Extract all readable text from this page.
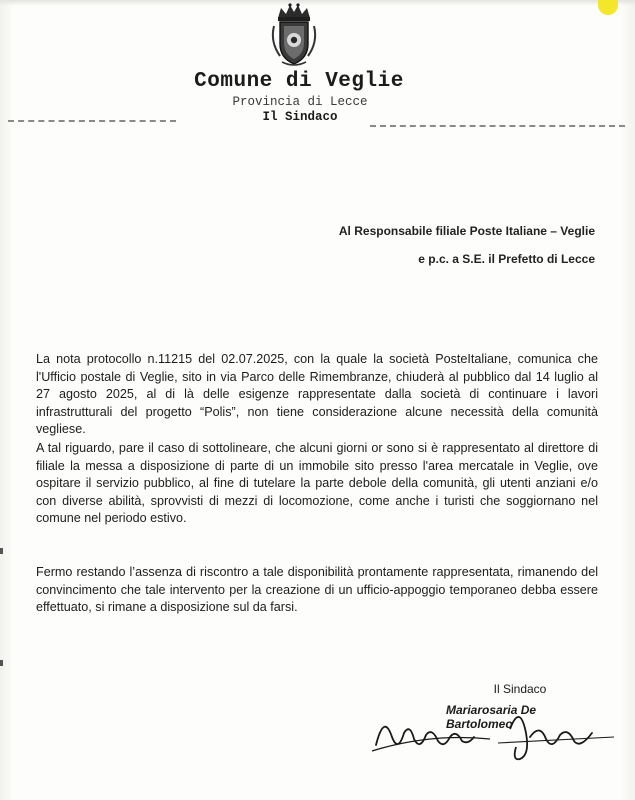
Comune di Veglie
Provincia di Lecce
Il Sindaco
Al Responsabile filiale Poste Italiane – Veglie
e p.c. a S.E. il Prefetto di Lecce

La nota protocollo n.11215 del 02.07.2025, con la quale la società PosteItaliane, comunica che l'Ufficio postale di Veglie, sito in via Parco delle Rimembranze, chiuderà al pubblico dal 14 luglio al 27 agosto 2025, al di là delle esigenze rappresentate dalla società di continuare i lavori infrastrutturali del progetto “Polis”, non tiene considerazione alcune necessità della comunità vegliese.

A tal riguardo, pare il caso di sottolineare, che alcuni giorni or sono si è rappresentato al direttore di filiale la messa a disposizione di parte di un immobile sito presso l'area mercatale in Veglie, ove ospitare il servizio pubblico, al fine di tutelare la parte debole della comunità, gli utenti anziani e/o con diverse abilità, sprovvisti di mezzi di locomozione, come anche i turisti che soggiornano nel comune nel periodo estivo.

Fermo restando l’assenza di riscontro a tale disponibilità prontamente rappresentata, rimanendo del convincimento che tale intervento per la creazione di un ufficio-appoggio temporaneo debba essere effettuato, si rimane a disposizione sul da farsi.

Il Sindaco
Mariarosaria De Bartolomeo
